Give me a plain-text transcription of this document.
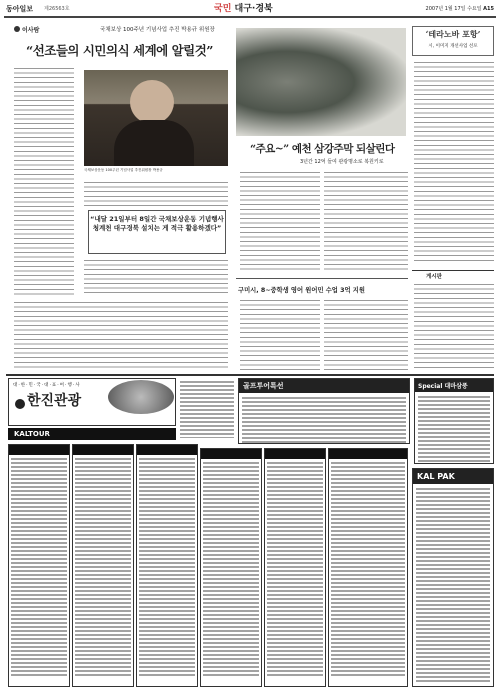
동아일보 제26563호	국민 대구·경북	2007년 1월 17일 수요일 A15
이사람	국채보상 100주년 기념사업 추진 박용규 위원장
“선조들의 시민의식 세계에 알릴것”
국채보상운동 100주년 기념사업 추진위원장 박용규
“내달 21일부터 8일간 국채보상운동 기념행사 청계천 대구경북 설치는 게 적극 활용하겠다”
“주요~” 예천 삼강주막 되살린다
3년간 12억 들여 관광명소로 복원키로
구미시, 8~중학생 영어 원어민 수업 3억 지원
‘테라노바 포항’
시, 이미지 개선사업 선포
게시판
대·한·민·국·대·표·여·행·사
한진관광
KALTOUR
골프투어특선	Special 대마삼풍
KAL PAK
